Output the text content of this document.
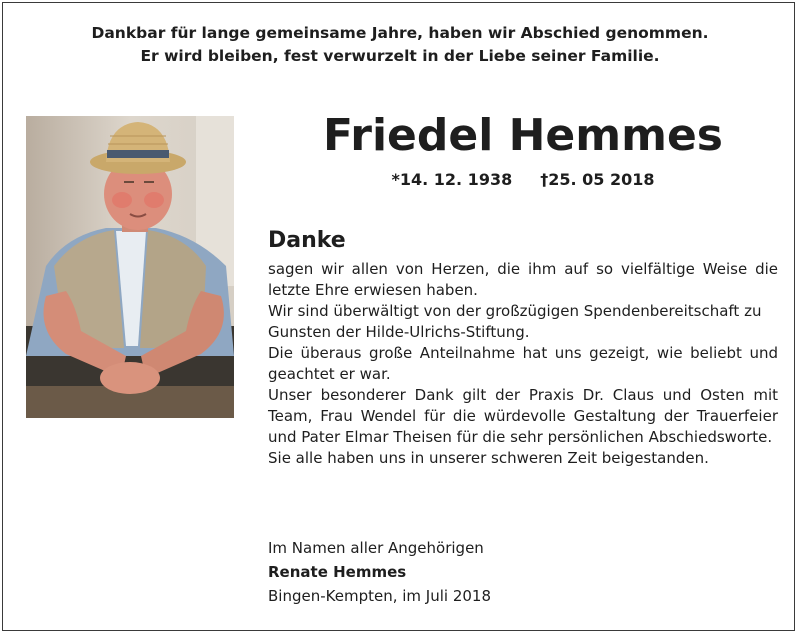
Dankbar für lange gemeinsame Jahre, haben wir Abschied genommen.
Er wird bleiben, fest verwurzelt in der Liebe seiner Familie.
Friedel Hemmes
*14. 12. 1938 †25. 05 2018
Danke

sagen wir allen von Herzen, die ihm auf so vielfältige Weise die letzte Ehre erwiesen haben.

Wir sind überwältigt von der großzügigen Spendenbereitschaft zu Gunsten der Hilde-Ulrichs-Stiftung.

Die überaus große Anteilnahme hat uns gezeigt, wie beliebt und geachtet er war.

Unser besonderer Dank gilt der Praxis Dr. Claus und Osten mit Team, Frau Wendel für die würdevolle Gestaltung der Trauerfeier und Pater Elmar Theisen für die sehr persönlichen Abschiedsworte.

Sie alle haben uns in unserer schweren Zeit beigestanden.

Im Namen aller Angehörigen
Renate Hemmes
Bingen-Kempten, im Juli 2018
